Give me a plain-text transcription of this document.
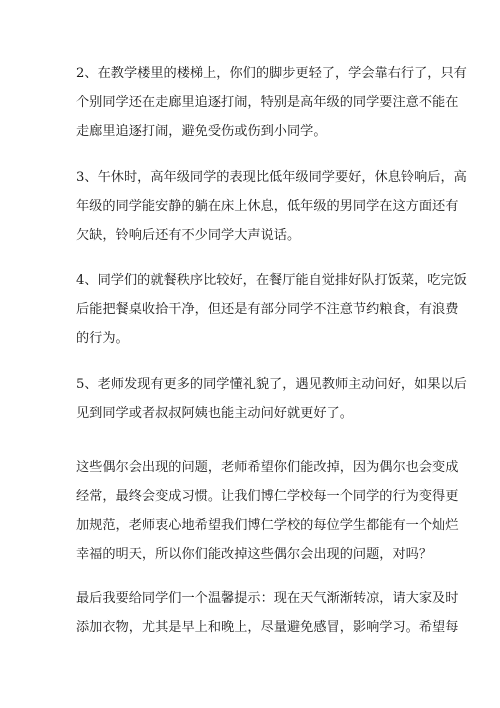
2、在教学楼里的楼梯上，你们的脚步更轻了，学会靠右行了，只有
个别同学还在走廊里追逐打闹，特别是高年级的同学要注意不能在
走廊里追逐打闹，避免受伤或伤到小同学。
3、午休时，高年级同学的表现比低年级同学要好，休息铃响后，高
年级的同学能安静的躺在床上休息，低年级的男同学在这方面还有
欠缺，铃响后还有不少同学大声说话。
4、同学们的就餐秩序比较好，在餐厅能自觉排好队打饭菜，吃完饭
后能把餐桌收拾干净，但还是有部分同学不注意节约粮食，有浪费
的行为。
5、老师发现有更多的同学懂礼貌了，遇见教师主动问好，如果以后
见到同学或者叔叔阿姨也能主动问好就更好了。
这些偶尔会出现的问题，老师希望你们能改掉，因为偶尔也会变成
经常，最终会变成习惯。让我们博仁学校每一个同学的行为变得更
加规范，老师衷心地希望我们博仁学校的每位学生都能有一个灿烂
幸福的明天，所以你们能改掉这些偶尔会出现的问题，对吗？
最后我要给同学们一个温馨提示：现在天气渐渐转凉，请大家及时
添加衣物，尤其是早上和晚上，尽量避免感冒，影响学习。希望每
